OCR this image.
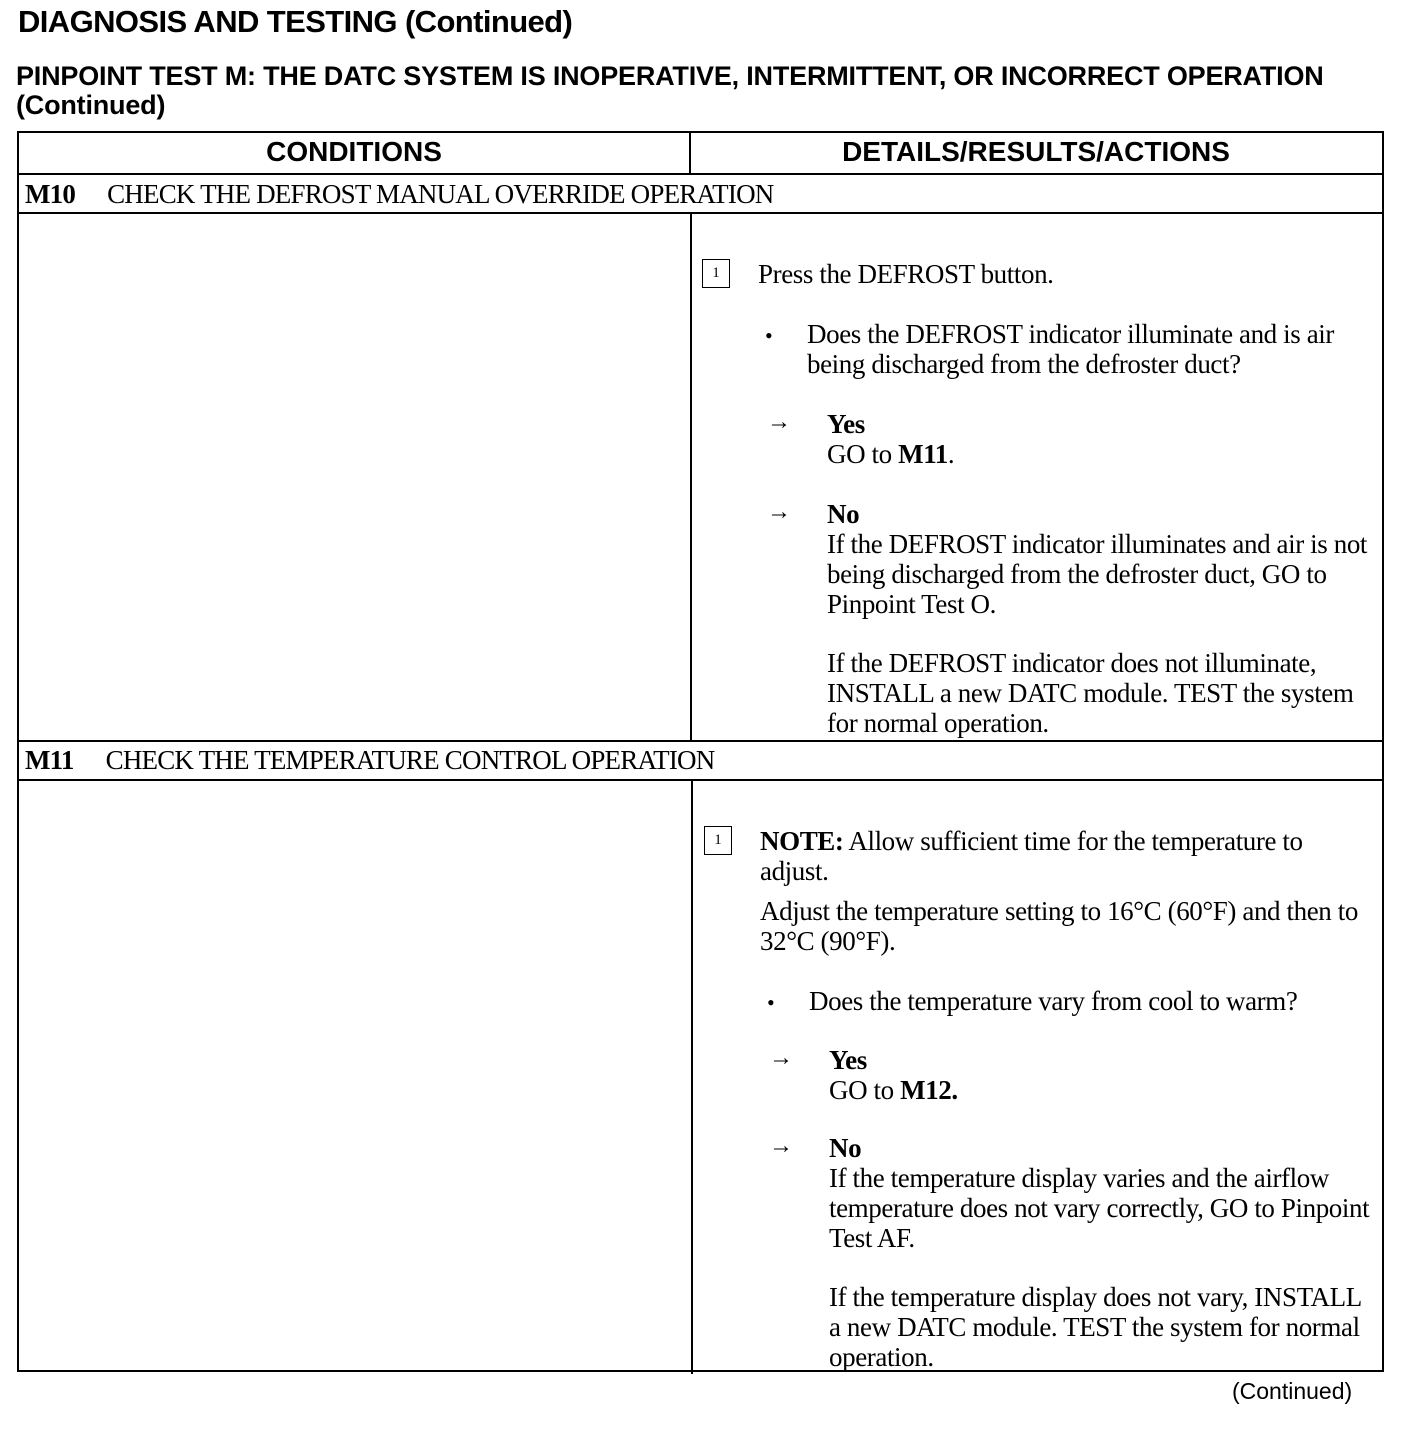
DIAGNOSIS AND TESTING (Continued)
PINPOINT TEST M: THE DATC SYSTEM IS INOPERATIVE, INTERMITTENT, OR INCORRECT OPERATION (Continued)
CONDITIONS	DETAILS/RESULTS/ACTIONS
M10 CHECK THE DEFROST MANUAL OVERRIDE OPERATION
1	Press the DEFROST button.
• Does the DEFROST indicator illuminate and is air being discharged from the defroster duct?
→ Yes
GO to M11.
→ No
If the DEFROST indicator illuminates and air is not being discharged from the defroster duct, GO to Pinpoint Test O.
If the DEFROST indicator does not illuminate, INSTALL a new DATC module. TEST the system for normal operation.
M11 CHECK THE TEMPERATURE CONTROL OPERATION
1	NOTE: Allow sufficient time for the temperature to adjust.
Adjust the temperature setting to 16°C (60°F) and then to 32°C (90°F).
• Does the temperature vary from cool to warm?
→ Yes
GO to M12.
→ No
If the temperature display varies and the airflow temperature does not vary correctly, GO to Pinpoint Test AF.
If the temperature display does not vary, INSTALL a new DATC module. TEST the system for normal operation.
(Continued)
